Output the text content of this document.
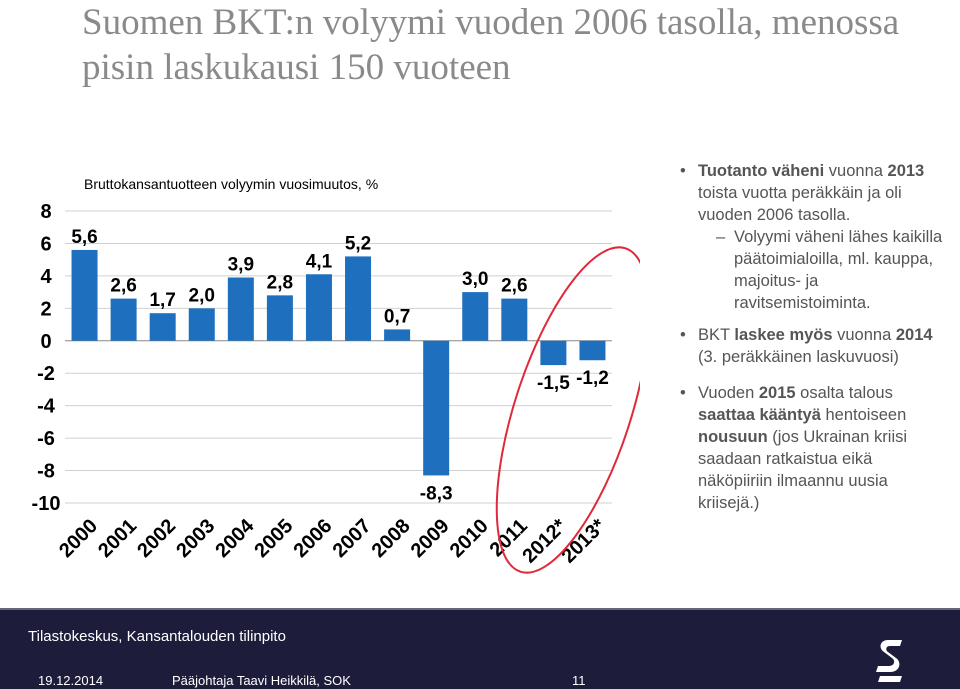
Suomen BKT:n volyymi vuoden 2006 tasolla, menossa
pisin laskukausi 150 vuoteen
Bruttokansantuotteen volyymin vuosimuutos, %
8
6
4
2
0
-2
-4
-6
-8
-10
5,6
2000
2,6
2001
1,7
2002
2,0
2003
3,9
2004
2,8
2005
4,1
2006
5,2
2007
0,7
2008
-8,3
2009
3,0
2010
2,6
2011
-1,5
2012*
-1,2
2013*
• Tuotanto väheni vuonna 2013 toista vuotta peräkkäin ja oli vuoden 2006 tasolla.
– Volyymi väheni lähes kaikilla päätoimialoilla, ml. kauppa, majoitus- ja ravitsemistoiminta.
• BKT laskee myös vuonna 2014 (3. peräkkäinen laskuvuosi)
• Vuoden 2015 osalta talous saattaa kääntyä hentoiseen nousuun (jos Ukrainan kriisi saadaan ratkaistua eikä näköpiiriin ilmaannu uusia kriisejä.)
Tilastokeskus, Kansantalouden tilinpito
19.12.2014	Pääjohtaja Taavi Heikkilä, SOK	11
